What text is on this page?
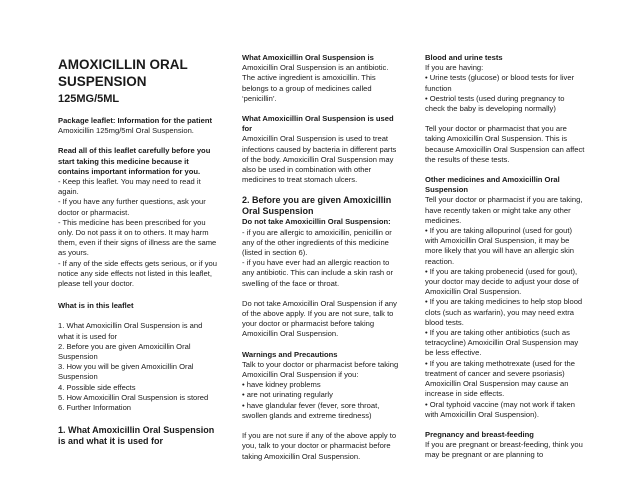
AMOXICILLIN ORAL
SUSPENSION
125MG/5ML
Package leaflet: Information for the patient
Amoxicillin 125mg/5ml Oral Suspension.
Read all of this leaflet carefully before you start taking this medicine because it contains important information for you.
- Keep this leaflet. You may need to read it again.
- If you have any further questions, ask your doctor or pharmacist.
- This medicine has been prescribed for you only. Do not pass it on to others. It may harm them, even if their signs of illness are the same as yours.
- If any of the side effects gets serious, or if you notice any side effects not listed in this leaflet, please tell your doctor.
What is in this leaflet
1. What Amoxicillin Oral Suspension is and what it is used for
2. Before you are given Amoxicillin Oral Suspension
3. How you will be given Amoxicillin Oral Suspension
4. Possible side effects
5. How Amoxicillin Oral Suspension is stored
6. Further Information
1. What Amoxicillin Oral Suspension is and what it is used for
What Amoxicillin Oral Suspension is
Amoxicillin Oral Suspension is an antibiotic. The active ingredient is amoxicillin. This belongs to a group of medicines called ‘penicillin’.
What Amoxicillin Oral Suspension is used for
Amoxicillin Oral Suspension is used to treat infections caused by bacteria in different parts of the body. Amoxicillin Oral Suspension may also be used in combination with other medicines to treat stomach ulcers.
2. Before you are given Amoxicillin Oral Suspension
Do not take Amoxicillin Oral Suspension:
- if you are allergic to amoxicillin, penicillin or any of the other ingredients of this medicine (listed in section 6).
- if you have ever had an allergic reaction to any antibiotic. This can include a skin rash or swelling of the face or throat.
Do not take Amoxicillin Oral Suspension if any of the above apply. If you are not sure, talk to your doctor or pharmacist before taking Amoxicillin Oral Suspension.
Warnings and Precautions
Talk to your doctor or pharmacist before taking Amoxicillin Oral Suspension if you:
• have kidney problems
• are not urinating regularly
• have glandular fever (fever, sore throat, swollen glands and extreme tiredness)
If you are not sure if any of the above apply to you, talk to your doctor or pharmacist before taking Amoxicillin Oral Suspension.
Blood and urine tests
If you are having:
• Urine tests (glucose) or blood tests for liver function
• Oestriol tests (used during pregnancy to check the baby is developing normally)
Tell your doctor or pharmacist that you are taking Amoxicillin Oral Suspension. This is because Amoxicillin Oral Suspension can affect the results of these tests.
Other medicines and Amoxicillin Oral Suspension
Tell your doctor or pharmacist if you are taking, have recently taken or might take any other medicines.
• If you are taking allopurinol (used for gout) with Amoxicillin Oral Suspension, it may be more likely that you will have an allergic skin reaction.
• If you are taking probenecid (used for gout), your doctor may decide to adjust your dose of Amoxicillin Oral Suspension.
• If you are taking medicines to help stop blood clots (such as warfarin), you may need extra blood tests.
• If you are taking other antibiotics (such as tetracycline) Amoxicillin Oral Suspension may be less effective.
• If you are taking methotrexate (used for the treatment of cancer and severe psoriasis) Amoxicillin Oral Suspension may cause an increase in side effects.
• Oral typhoid vaccine (may not work if taken with Amoxicillin Oral Suspension).
Pregnancy and breast-feeding
If you are pregnant or breast-feeding, think you may be pregnant or are planning to
